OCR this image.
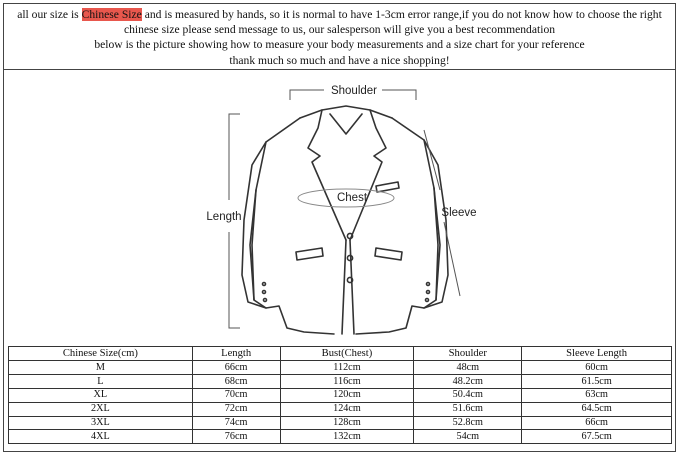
all our size is Chinese Size and is measured by hands, so it is normal to have 1-3cm error range,if you do not know how to choose the right
chinese size please send message to us, our salesperson will give you a best recommendation
below is the picture showing how to measure your body measurements and a size chart for your reference
thank much so much and have a nice shopping!
Shoulder
Chest
Length	Sleeve
Chinese Size(cm)	Length	Bust(Chest)	Shoulder	Sleeve Length
M	66cm	112cm	48cm	60cm
L	68cm	116cm	48.2cm	61.5cm
XL	70cm	120cm	50.4cm	63cm
2XL	72cm	124cm	51.6cm	64.5cm
3XL	74cm	128cm	52.8cm	66cm
4XL	76cm	132cm	54cm	67.5cm
